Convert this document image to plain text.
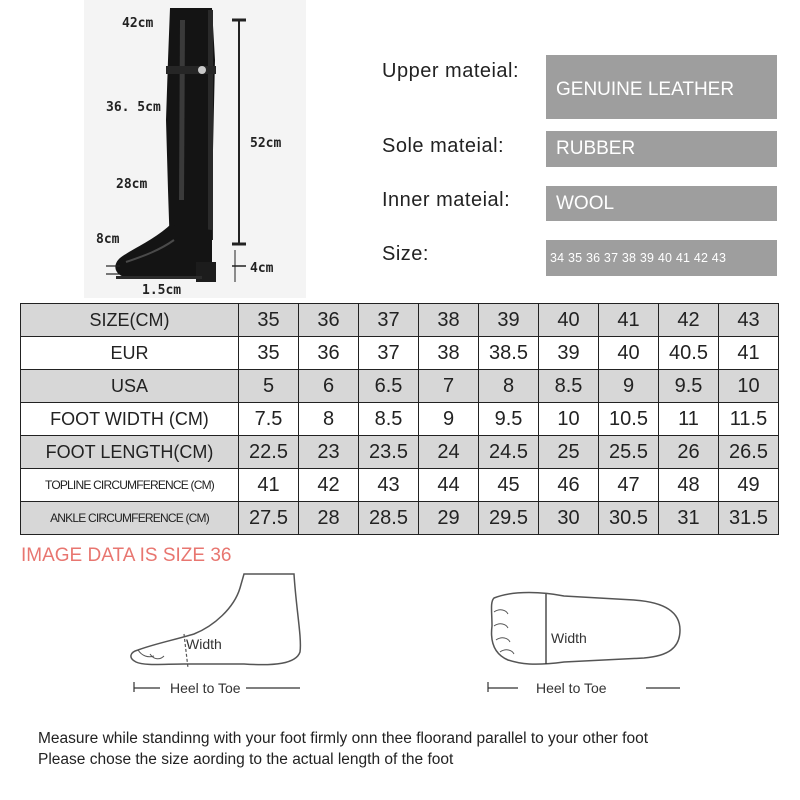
42cm
36. 5cm
28cm
8cm
52cm
4cm
1.5cm
Upper mateial:
GENUINE LEATHER
Sole mateial:	RUBBER
Inner mateial:	WOOL
Size:	34 35 36 37 38 39 40 41 42 43
SIZE(CM)	35	36	37	38	39	40	41	42	43
EUR	35	36	37	38	38.5	39	40	40.5	41
USA	5	6	6.5	7	8	8.5	9	9.5	10
FOOT WIDTH (CM)	7.5	8	8.5	9	9.5	10	10.5	11	11.5
FOOT LENGTH(CM)	22.5	23	23.5	24	24.5	25	25.5	26	26.5
TOPLINE CIRCUMFERENCE (CM)	41	42	43	44	45	46	47	48	49
ANKLE CIRCUMFERENCE (CM)	27.5	28	28.5	29	29.5	30	30.5	31	31.5
IMAGE DATA IS SIZE 36
Width
Heel to Toe
Width
Heel to Toe
Measure while standinng with your foot firmly onn thee floorand parallel to your other foot
Please chose the size aording to the actual length of the foot
